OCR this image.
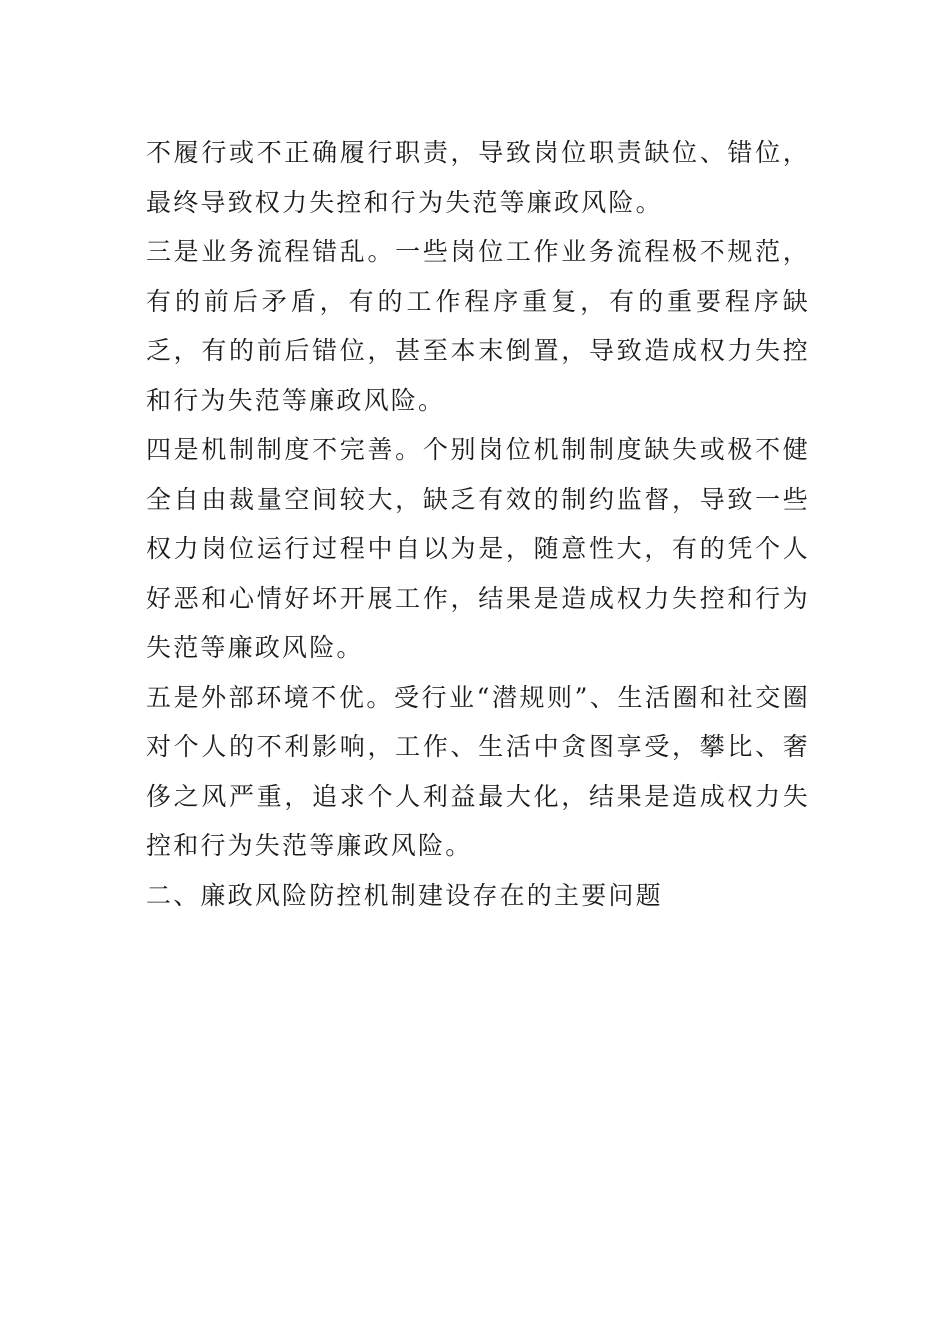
不履行或不正确履行职责，导致岗位职责缺位、错位，最终导致权力失控和行为失范等廉政风险。

三是业务流程错乱。一些岗位工作业务流程极不规范，有的前后矛盾，有的工作程序重复，有的重要程序缺乏，有的前后错位，甚至本末倒置，导致造成权力失控和行为失范等廉政风险。

四是机制制度不完善。个别岗位机制制度缺失或极不健全自由裁量空间较大，缺乏有效的制约监督，导致一些权力岗位运行过程中自以为是，随意性大，有的凭个人好恶和心情好坏开展工作，结果是造成权力失控和行为失范等廉政风险。

五是外部环境不优。受行业“潜规则”、生活圈和社交圈对个人的不利影响，工作、生活中贪图享受，攀比、奢侈之风严重，追求个人利益最大化，结果是造成权力失控和行为失范等廉政风险。

二、廉政风险防控机制建设存在的主要问题
